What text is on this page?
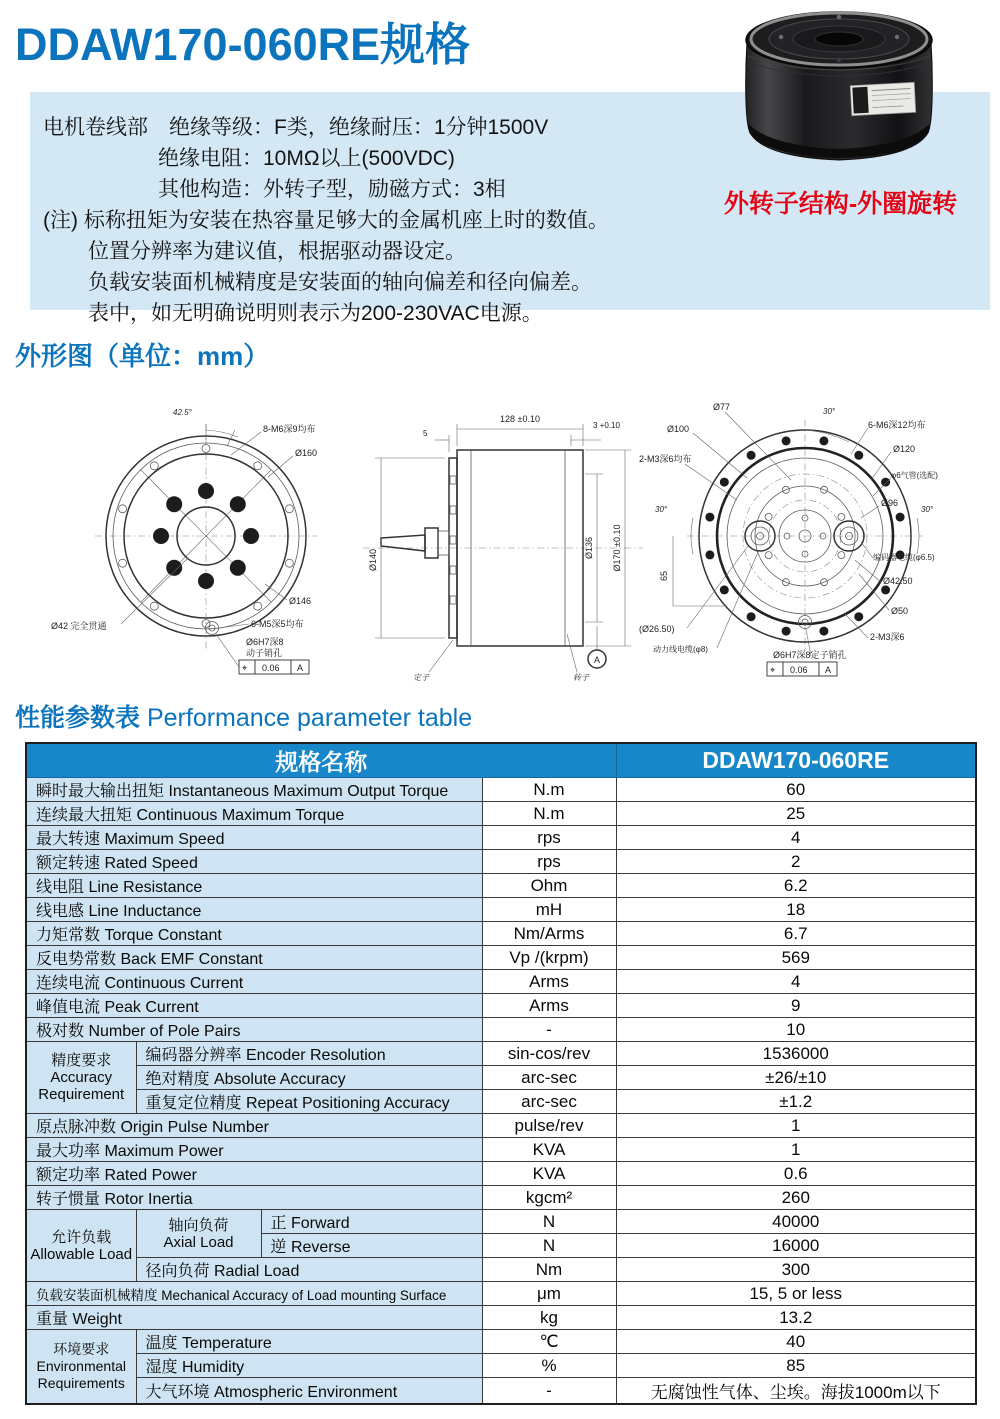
DDAW170-060RE规格
电机卷线部　绝缘等级：F类，绝缘耐压：1分钟1500V
绝缘电阻：10MΩ以上(500VDC)
其他构造：外转子型，励磁方式：3相
(注) 标称扭矩为安装在热容量足够大的金属机座上时的数值。
位置分辨率为建议值，根据驱动器设定。
负载安装面机械精度是安装面的轴向偏差和径向偏差。
表中，如无明确说明则表示为200-230VAC电源。
外转子结构-外圈旋转
外形图（单位：mm）
42.5°
8-M6深9均布
Ø160
Ø146
Ø42 完全贯通	6-M5深5均布
Ø6H7深8
动子销孔
⌖ 0.06 A
128 ±0.10
5
3 +0.10
Ø140
Ø136 Ø170 ±0.10
A
定子	转子
Ø77	30°
6-M6深12均布
Ø100
Ø120
2-M3深6均布
φ6气管(选配)
Ø96
30°	30°
65
编码器电缆(φ6.5)
Ø42.50
Ø50
(Ø26.50)
动力线电缆(φ8)
2-M3深6
Ø6H7深8定子销孔
⌖ 0.06 A
性能参数表 Performance parameter table
规格名称				DDAW170-060RE
瞬时最大输出扭矩 Instantaneous Maximum Output Torque			N.m	60
连续最大扭矩 Continuous Maximum Torque			N.m	25
最大转速 Maximum Speed			rps	4
额定转速 Rated Speed			rps	2
线电阻 Line Resistance			Ohm	6.2
线电感 Line Inductance			mH	18
力矩常数 Torque Constant			Nm/Arms	6.7
反电势常数 Back EMF Constant			Vp /(krpm)	569
连续电流 Continuous Current			Arms	4
峰值电流 Peak Current			Arms	9
极对数 Number of Pole Pairs			-	10

精度要求
Accuracy
Requirement	编码器分辨率 Encoder Resolution		sin-cos/rev	1536000
	绝对精度 Absolute Accuracy		arc-sec	±26/±10
	重复定位精度 Repeat Positioning Accuracy		arc-sec	±1.2
原点脉冲数 Origin Pulse Number			pulse/rev	1
最大功率 Maximum Power			KVA	1
额定功率 Rated Power			KVA	0.6
转子惯量 Rotor Inertia			kgcm²	260

允许负载
Allowable Load

轴向负荷
Axial Load
	正 Forward	N	40000
		逆 Reverse	N	16000
	径向负荷 Radial Load		Nm	300
负载安装面机械精度 Mechanical Accuracy of Load mounting Surface			μm	15, 5 or less
重量 Weight			kg	13.2

环境要求
Environmental
Requirements	温度 Temperature		℃	40
	湿度 Humidity		%	85
	大气环境 Atmospheric Environment		-	无腐蚀性气体、尘埃。海拔1000m以下
